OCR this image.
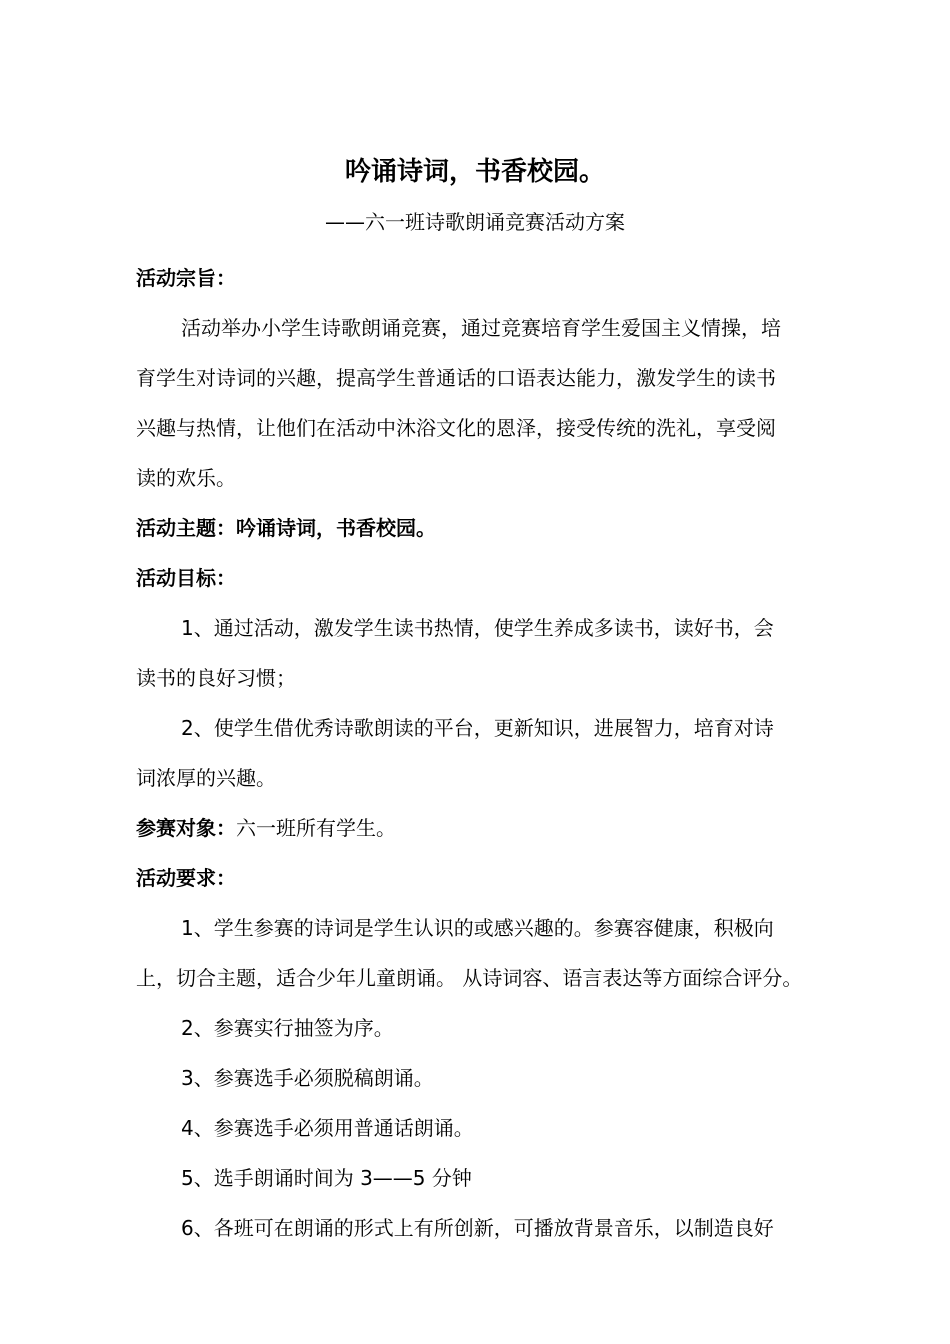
吟诵诗词，书香校园。

——六一班诗歌朗诵竞赛活动方案

活动宗旨：

活动举办小学生诗歌朗诵竞赛，通过竞赛培育学生爱国主义情操，培

育学生对诗词的兴趣，提高学生普通话的口语表达能力，激发学生的读书

兴趣与热情，让他们在活动中沐浴文化的恩泽，接受传统的洗礼，享受阅

读的欢乐。

活动主题：吟诵诗词，书香校园。

活动目标：

1、通过活动，激发学生读书热情，使学生养成多读书，读好书，会

读书的良好习惯；

2、使学生借优秀诗歌朗读的平台，更新知识，进展智力，培育对诗

词浓厚的兴趣。

参赛对象：六一班所有学生。

活动要求：

1、学生参赛的诗词是学生认识的或感兴趣的。参赛容健康，积极向

上，切合主题，适合少年儿童朗诵。 从诗词容、语言表达等方面综合评分。

2、参赛实行抽签为序。

3、参赛选手必须脱稿朗诵。

4、参赛选手必须用普通话朗诵。

5、选手朗诵时间为 3——5 分钟

6、各班可在朗诵的形式上有所创新，可播放背景音乐，以制造良好
